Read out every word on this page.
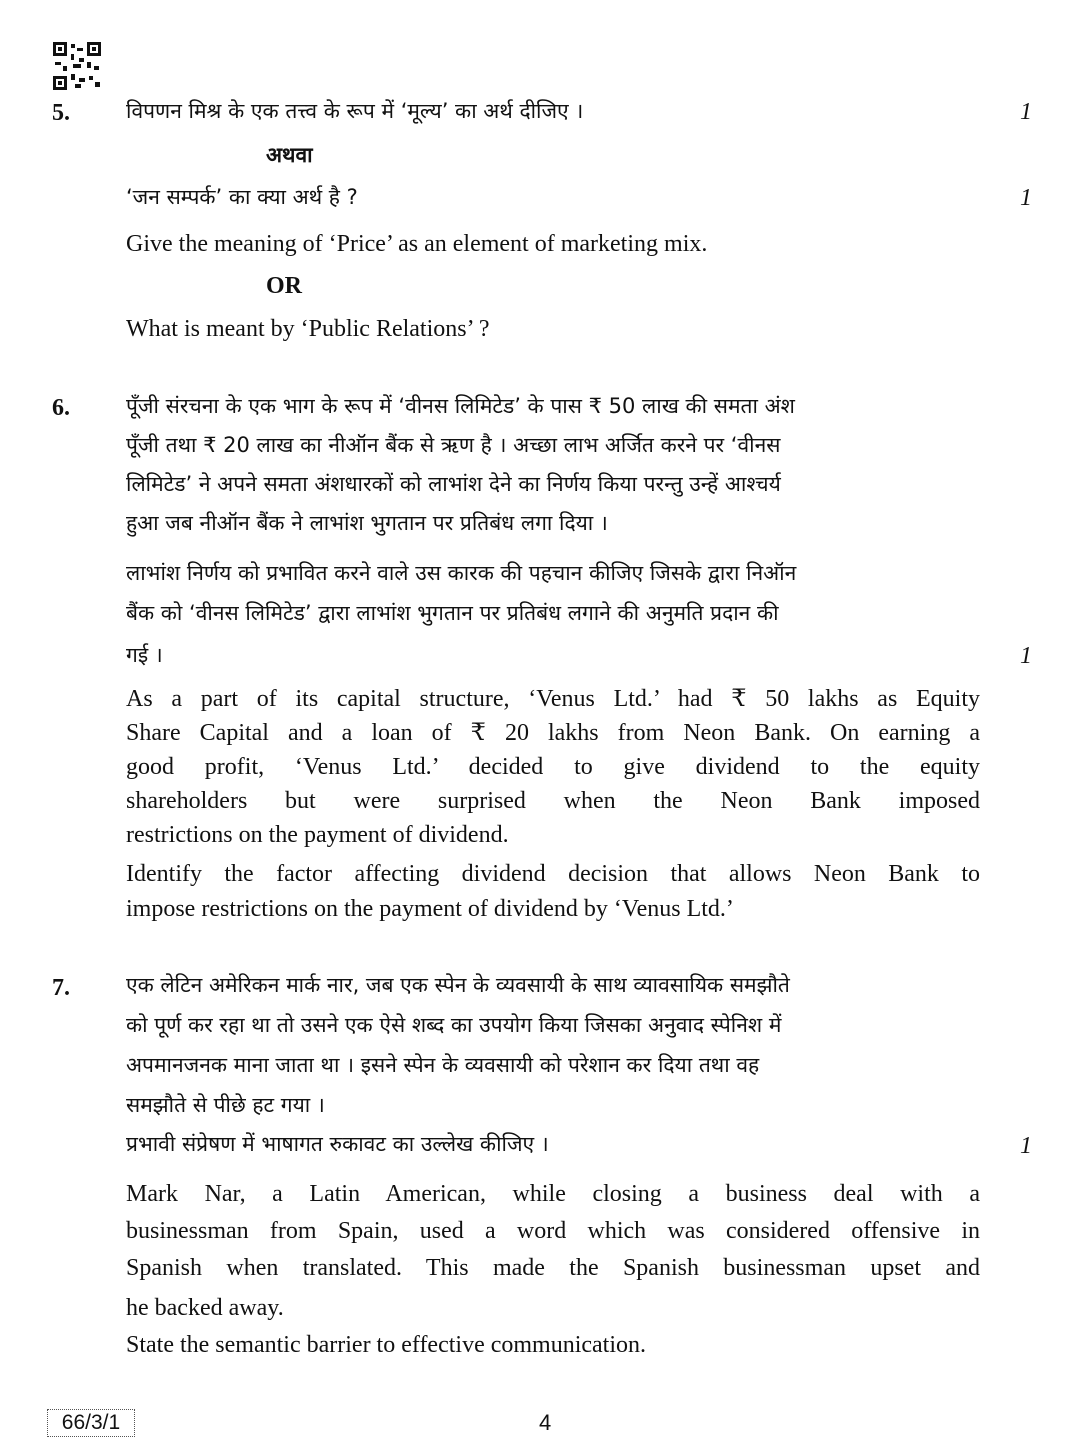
5.	विपणन मिश्र के एक तत्त्व के रूप में ‘मूल्य’ का अर्थ दीजिए ।	1
अथवा
‘जन सम्पर्क’ का क्या अर्थ है ?	1
Give the meaning of ‘Price’ as an element of marketing mix.
OR
What is meant by ‘Public Relations’ ?
6.	पूँजी संरचना के एक भाग के रूप में ‘वीनस लिमिटेड’ के पास ₹ 50 लाख की समता अंश
पूँजी तथा ₹ 20 लाख का नीऑन बैंक से ऋण है । अच्छा लाभ अर्जित करने पर ‘वीनस
लिमिटेड’ ने अपने समता अंशधारकों को लाभांश देने का निर्णय किया परन्तु उन्हें आश्चर्य
हुआ जब नीऑन बैंक ने लाभांश भुगतान पर प्रतिबंध लगा दिया ।
लाभांश निर्णय को प्रभावित करने वाले उस कारक की पहचान कीजिए जिसके द्वारा निऑन
बैंक को ‘वीनस लिमिटेड’ द्वारा लाभांश भुगतान पर प्रतिबंध लगाने की अनुमति प्रदान की
गई ।	1
As a part of its capital structure, ‘Venus Ltd.’ had ₹ 50 lakhs as Equity
Share Capital and a loan of ₹ 20 lakhs from Neon Bank. On earning a
good profit, ‘Venus Ltd.’ decided to give dividend to the equity
shareholders but were surprised when the Neon Bank imposed
restrictions on the payment of dividend.
Identify the factor affecting dividend decision that allows Neon Bank to
impose restrictions on the payment of dividend by ‘Venus Ltd.’
7.	एक लेटिन अमेरिकन मार्क नार, जब एक स्पेन के व्यवसायी के साथ व्यावसायिक समझौते
को पूर्ण कर रहा था तो उसने एक ऐसे शब्द का उपयोग किया जिसका अनुवाद स्पेनिश में
अपमानजनक माना जाता था । इसने स्पेन के व्यवसायी को परेशान कर दिया तथा वह
समझौते से पीछे हट गया ।
प्रभावी संप्रेषण में भाषागत रुकावट का उल्लेख कीजिए ।	1
Mark Nar, a Latin American, while closing a business deal with a
businessman from Spain, used a word which was considered offensive in
Spanish when translated. This made the Spanish businessman upset and
he backed away.
State the semantic barrier to effective communication.
66/3/1	4
